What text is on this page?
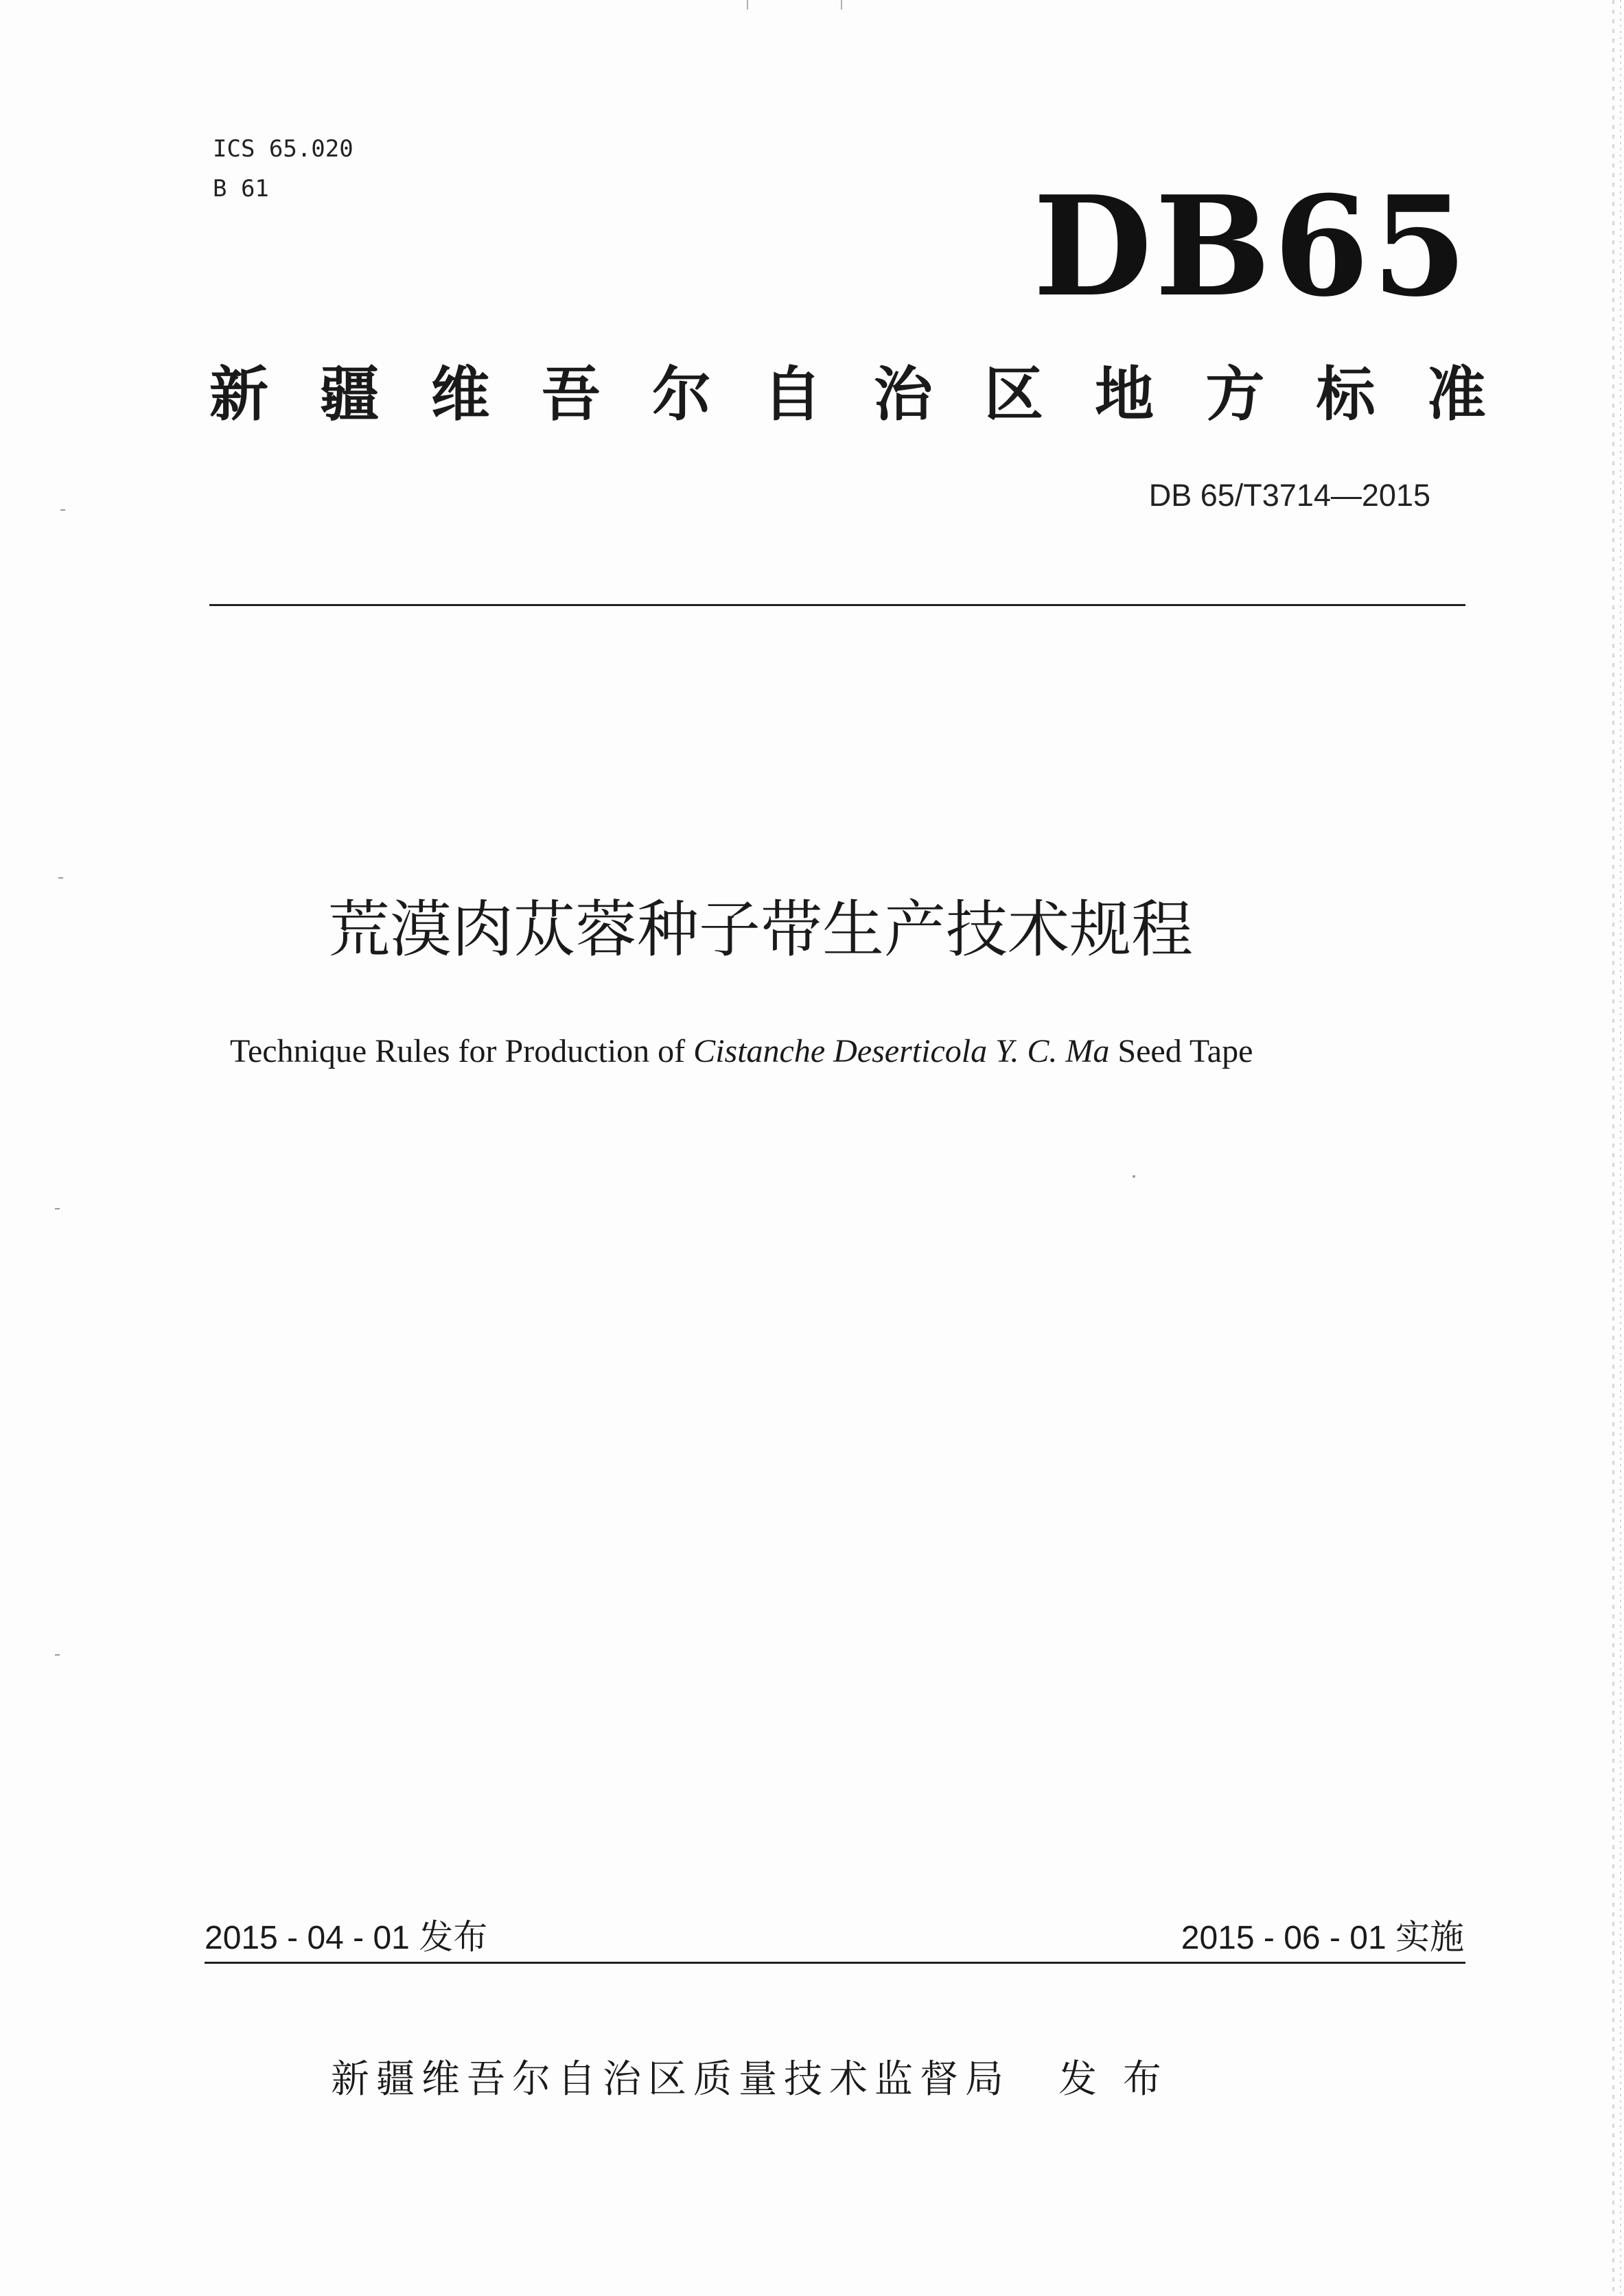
ICS 65.020
B 61	DB65
新 疆 维 吾 尔 自 治 区 地 方 标 准
DB 65/T3714—2015
荒漠肉苁蓉种子带生产技术规程
Technique Rules for Production of Cistanche Deserticola Y. C. Ma Seed Tape
2015 - 04 - 01 发布	2015 - 06 - 01 实施
新疆维吾尔自治区质量技术监督局 发 布
